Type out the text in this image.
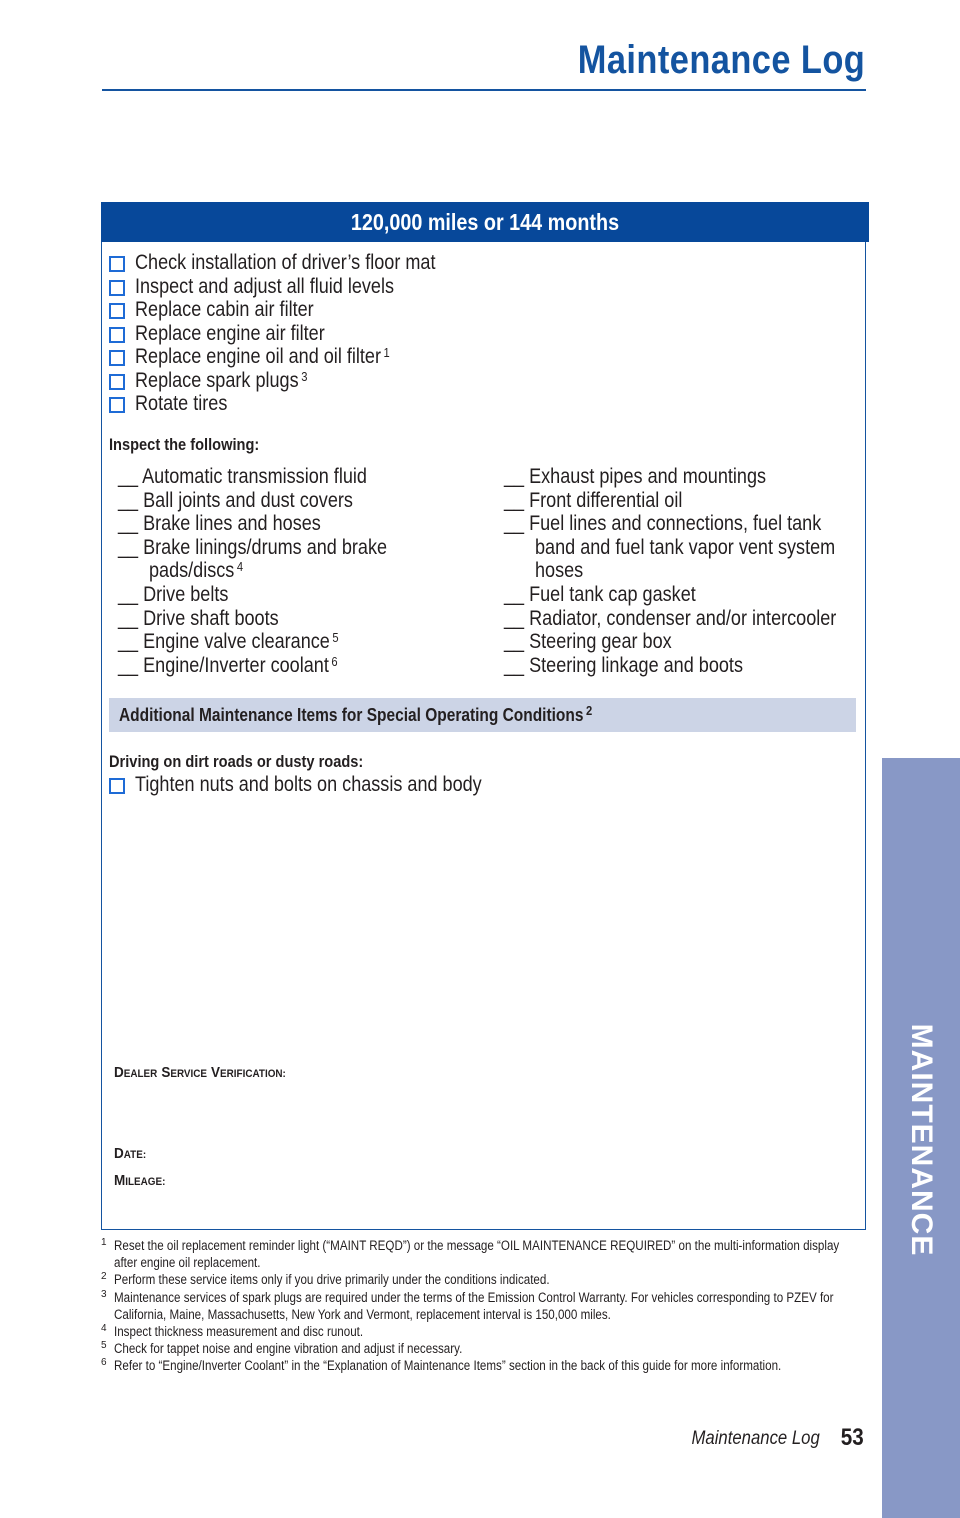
Maintenance Log
120,000 miles or 144 months
Check installation of driver’s floor mat
Inspect and adjust all fluid levels
Replace cabin air filter
Replace engine air filter
Replace engine oil and oil filter $^1$
Replace spark plugs $^3$
Rotate tires
Inspect the following:
__ Automatic transmission fluid
__ Ball joints and dust covers
__ Brake lines and hoses
__ Brake linings/drums and brake
pads/discs $^4$
__ Drive belts
__ Drive shaft boots
__ Engine valve clearance $^5$
__ Engine/Inverter coolant $^6$
__ Exhaust pipes and mountings
__ Front differential oil
__ Fuel lines and connections, fuel tank
band and fuel tank vapor vent system
hoses
__ Fuel tank cap gasket
__ Radiator, condenser and/or intercooler
__ Steering gear box
__ Steering linkage and boots
Additional Maintenance Items for Special Operating Conditions $^2$
Driving on dirt roads or dusty roads:
Tighten nuts and bolts on chassis and body
DEALER SERVICE VERIFICATION:
DATE:
MILEAGE:
1 Reset the oil replacement reminder light (“MAINT REQD”) or the message “OIL MAINTENANCE REQUIRED” on the multi-information display after engine oil replacement.
2 Perform these service items only if you drive primarily under the conditions indicated.
3 Maintenance services of spark plugs are required under the terms of the Emission Control Warranty. For vehicles corresponding to PZEV for California, Maine, Massachusetts, New York and Vermont, replacement interval is 150,000 miles.
4 Inspect thickness measurement and disc runout.
5 Check for tappet noise and engine vibration and adjust if necessary.
6 Refer to “Engine/Inverter Coolant” in the “Explanation of Maintenance Items” section in the back of this guide for more information.
Maintenance Log 53
MAINTENANCE
